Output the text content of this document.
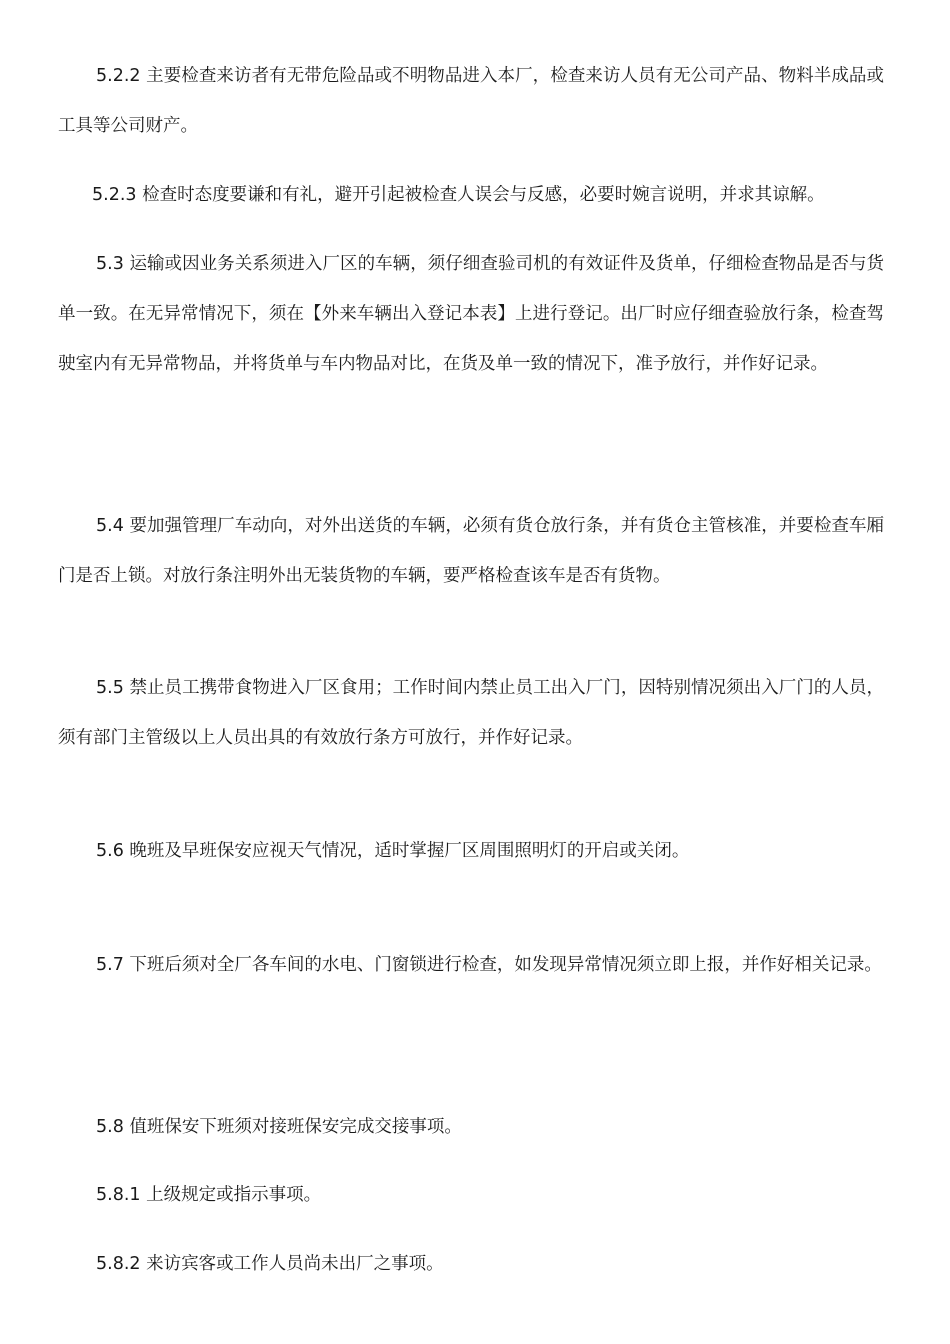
5.2.2 主要检查来访者有无带危险品或不明物品进入本厂，检查来访人员有无公司产品、物料半成品或工具等公司财产。

5.2.3 检查时态度要谦和有礼，避开引起被检查人误会与反感，必要时婉言说明，并求其谅解。

5.3 运输或因业务关系须进入厂区的车辆，须仔细查验司机的有效证件及货单，仔细检查物品是否与货单一致。在无异常情况下，须在【外来车辆出入登记本表】上进行登记。出厂时应仔细查验放行条，检查驾驶室内有无异常物品，并将货单与车内物品对比，在货及单一致的情况下，准予放行，并作好记录。

5.4 要加强管理厂车动向，对外出送货的车辆，必须有货仓放行条，并有货仓主管核准，并要检查车厢门是否上锁。对放行条注明外出无装货物的车辆，要严格检查该车是否有货物。

5.5 禁止员工携带食物进入厂区食用；工作时间内禁止员工出入厂门，因特别情况须出入厂门的人员，须有部门主管级以上人员出具的有效放行条方可放行，并作好记录。

5.6 晚班及早班保安应视天气情况，适时掌握厂区周围照明灯的开启或关闭。

5.7 下班后须对全厂各车间的水电、门窗锁进行检查，如发现异常情况须立即上报，并作好相关记录。

5.8 值班保安下班须对接班保安完成交接事项。

5.8.1 上级规定或指示事项。

5.8.2 来访宾客或工作人员尚未出厂之事项。
